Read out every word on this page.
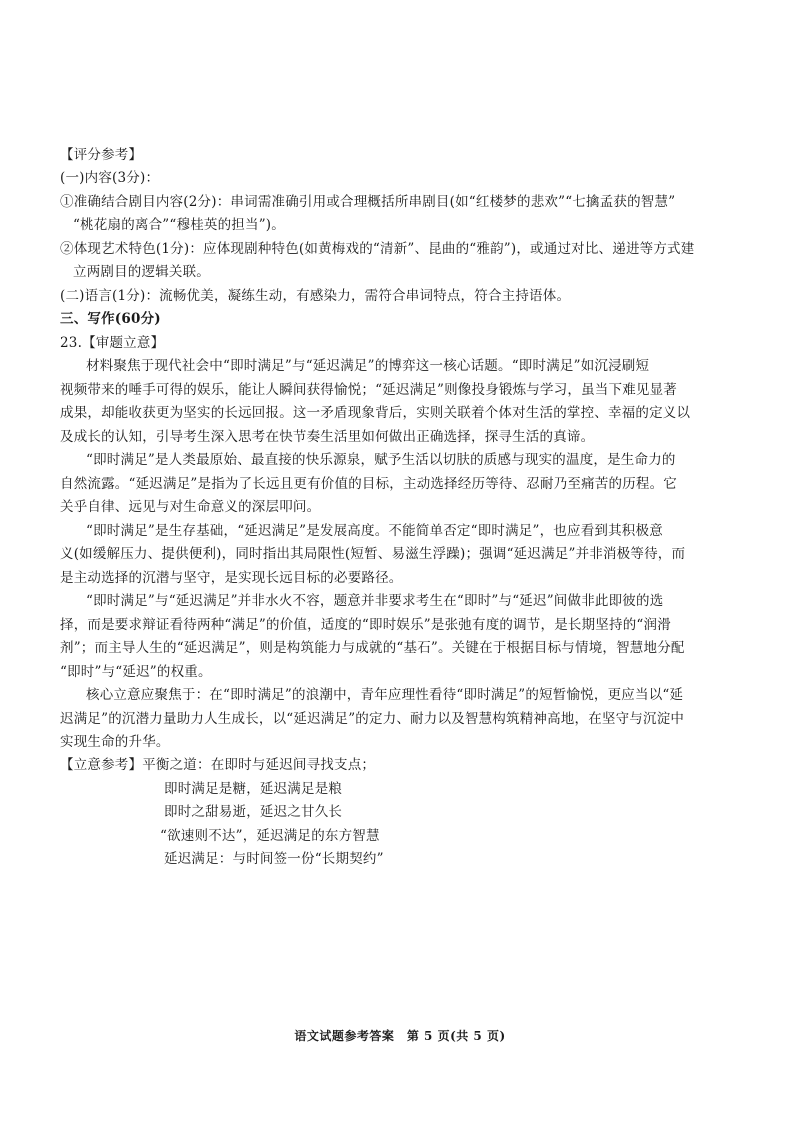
【评分参考】
(一)内容(3分)：
①准确结合剧目内容(2分)：串词需准确引用或合理概括所串剧目(如“红楼梦的悲欢”“七擒孟获的智慧”
“桃花扇的离合”“穆桂英的担当”)。
②体现艺术特色(1分)：应体现剧种特色(如黄梅戏的“清新”、昆曲的“雅韵”)，或通过对比、递进等方式建
立两剧目的逻辑关联。
(二)语言(1分)：流畅优美，凝练生动，有感染力，需符合串词特点，符合主持语体。
三、写作(60分)
23.【审题立意】
材料聚焦于现代社会中“即时满足”与“延迟满足”的博弈这一核心话题。“即时满足”如沉浸刷短
视频带来的唾手可得的娱乐，能让人瞬间获得愉悦；“延迟满足”则像投身锻炼与学习，虽当下难见显著
成果，却能收获更为坚实的长远回报。这一矛盾现象背后，实则关联着个体对生活的掌控、幸福的定义以
及成长的认知，引导考生深入思考在快节奏生活里如何做出正确选择，探寻生活的真谛。
“即时满足”是人类最原始、最直接的快乐源泉，赋予生活以切肤的质感与现实的温度，是生命力的
自然流露。“延迟满足”是指为了长远且更有价值的目标，主动选择经历等待、忍耐乃至痛苦的历程。它
关乎自律、远见与对生命意义的深层叩问。
“即时满足”是生存基础，“延迟满足”是发展高度。不能简单否定“即时满足”，也应看到其积极意
义(如缓解压力、提供便利)，同时指出其局限性(短暂、易滋生浮躁)；强调“延迟满足”并非消极等待，而
是主动选择的沉潜与坚守，是实现长远目标的必要路径。
“即时满足”与“延迟满足”并非水火不容，题意并非要求考生在“即时”与“延迟”间做非此即彼的选
择，而是要求辩证看待两种“满足”的价值，适度的“即时娱乐”是张弛有度的调节，是长期坚持的“润滑
剂”；而主导人生的“延迟满足”，则是构筑能力与成就的“基石”。关键在于根据目标与情境，智慧地分配
“即时”与“延迟”的权重。
核心立意应聚焦于：在“即时满足”的浪潮中，青年应理性看待“即时满足”的短暂愉悦，更应当以“延
迟满足”的沉潜力量助力人生成长，以“延迟满足”的定力、耐力以及智慧构筑精神高地，在坚守与沉淀中
实现生命的升华。
【立意参考】平衡之道：在即时与延迟间寻找支点；
即时满足是糖，延迟满足是粮
即时之甜易逝，延迟之甘久长
“欲速则不达”，延迟满足的东方智慧
延迟满足：与时间签一份“长期契约”
语文试题参考答案　第 5 页(共 5 页)
